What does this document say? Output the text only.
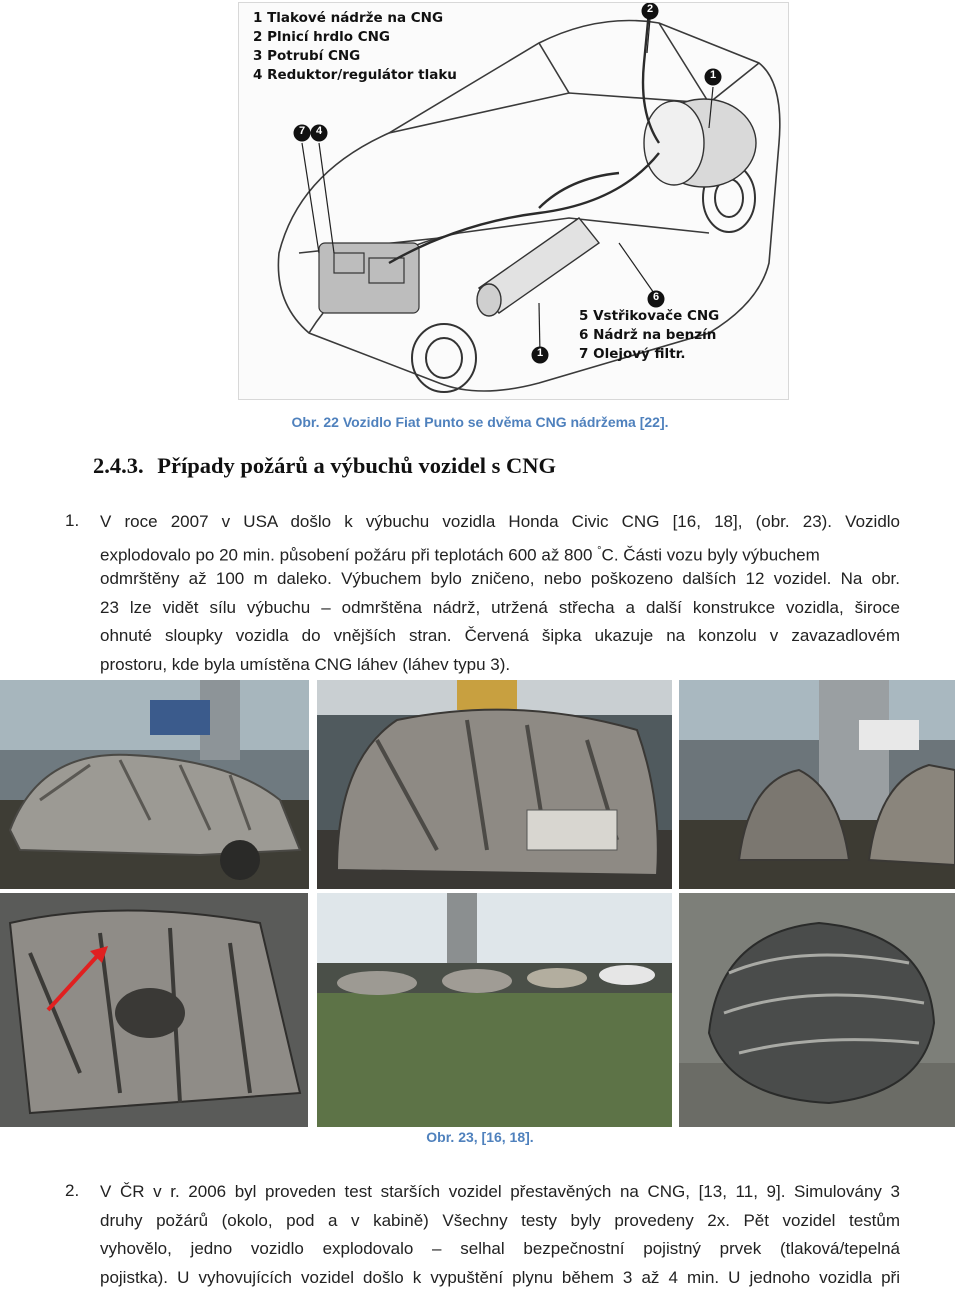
7 4
2
1
6
1
1 Tlakové nádrže na CNG
2 Plnicí hrdlo CNG
3 Potrubí CNG
4 Reduktor/regulátor tlaku
5 Vstřikovače CNG
6 Nádrž na benzín
7 Olejový filtr.
Obr. 22 Vozidlo Fiat Punto se dvěma CNG nádržema [22].
2.4.3. Případy požárů a výbuchů vozidel s CNG
1. V roce 2007 v USA došlo k výbuchu vozidla Honda Civic CNG [16, 18], (obr. 23). Vozidlo
explodovalo po 20 min. působení požáru při teplotách 600 až 800 °C. Části vozu byly výbuchem
odmrštěny až 100 m daleko. Výbuchem bylo zničeno, nebo poškozeno dalších 12 vozidel. Na obr.
23 lze vidět sílu výbuchu – odmrštěna nádrž, utržená střecha a další konstrukce vozidla, široce
ohnuté sloupky vozidla do vnějších stran. Červená šipka ukazuje na konzolu v zavazadlovém
prostoru, kde byla umístěna CNG láhev (láhev typu 3).
Obr. 23, [16, 18].
2. V ČR v r. 2006 byl proveden test starších vozidel přestavěných na CNG, [13, 11, 9]. Simulovány 3
druhy požárů (okolo, pod a v kabině) Všechny testy byly provedeny 2x. Pět vozidel testům
vyhovělo, jedno vozidlo explodovalo – selhal bezpečnostní pojistný prvek (tlaková/tepelná
pojistka). U vyhovujících vozidel došlo k vypuštění plynu během 3 až 4 min. U jednoho vozidla při
